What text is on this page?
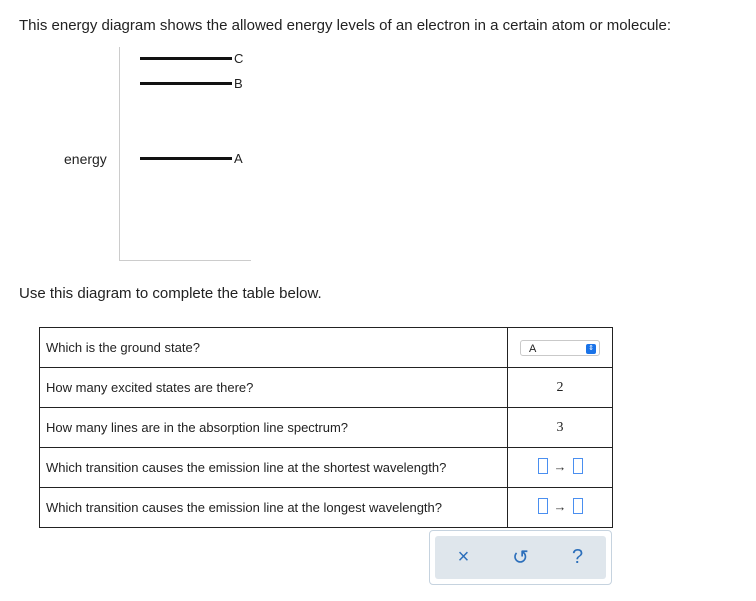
This energy diagram shows the allowed energy levels of an electron in a certain atom or molecule:
energy
C
B
A
Use this diagram to complete the table below.
Which is the ground state?	A ⇕

How many excited states are there?	2
How many lines are in the absorption line spectrum?	3
Which transition causes the emission line at the shortest wavelength?	→

Which transition causes the emission line at the longest wavelength?	→
× ↺ ?
